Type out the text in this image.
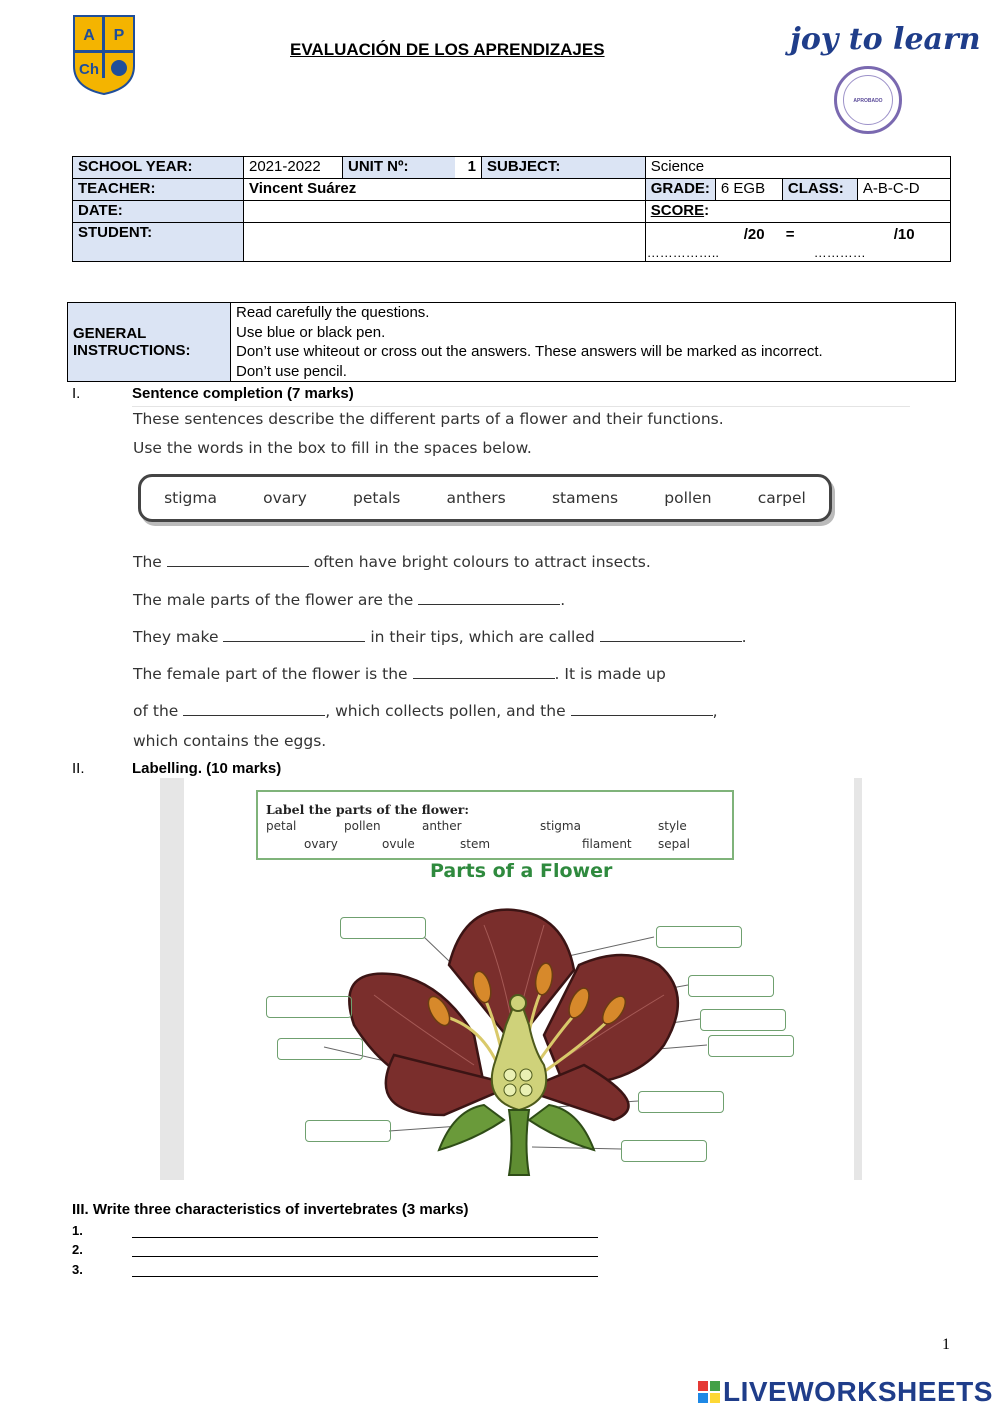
A P
Ch
EVALUACIÓN DE LOS APRENDIZAJES	joy to learn
APROBADO
SCHOOL YEAR:	2021-2022	UNIT Nº:	1	SUBJECT:	Science
TEACHER:	Vincent Suárez	GRADE:	6 EGB	CLASS:	A-B-C-D

DATE:		SCORE:
STUDENT:		/20 =	/10
……………..	…………
GENERAL
INSTRUCTIONS:

Read carefully the questions.
Use blue or black pen.
Don’t use whiteout or cross out the answers. These answers will be marked as incorrect.
Don’t use pencil.
I.	Sentence completion (7 marks)
These sentences describe the different parts of a flower and their functions.
Use the words in the box to fill in the spaces below.
stigma	ovary	petals	anthers	stamens	pollen	carpel
The	often have bright colours to attract insects.
The male parts of the flower are the	.
They make	in their tips, which are called	.
The female part of the flower is the	. It is made up
of the	, which collects pollen, and the	,
which contains the eggs.
II.	Labelling. (10 marks)
Label the parts of the flower:
petal	pollen	anther	stigma	style
ovary	ovule	stem	filament sepal
Parts of a Flower
III. Write three characteristics of invertebrates (3 marks)
1.
2.
3.
1
LIVEWORKSHEETS
